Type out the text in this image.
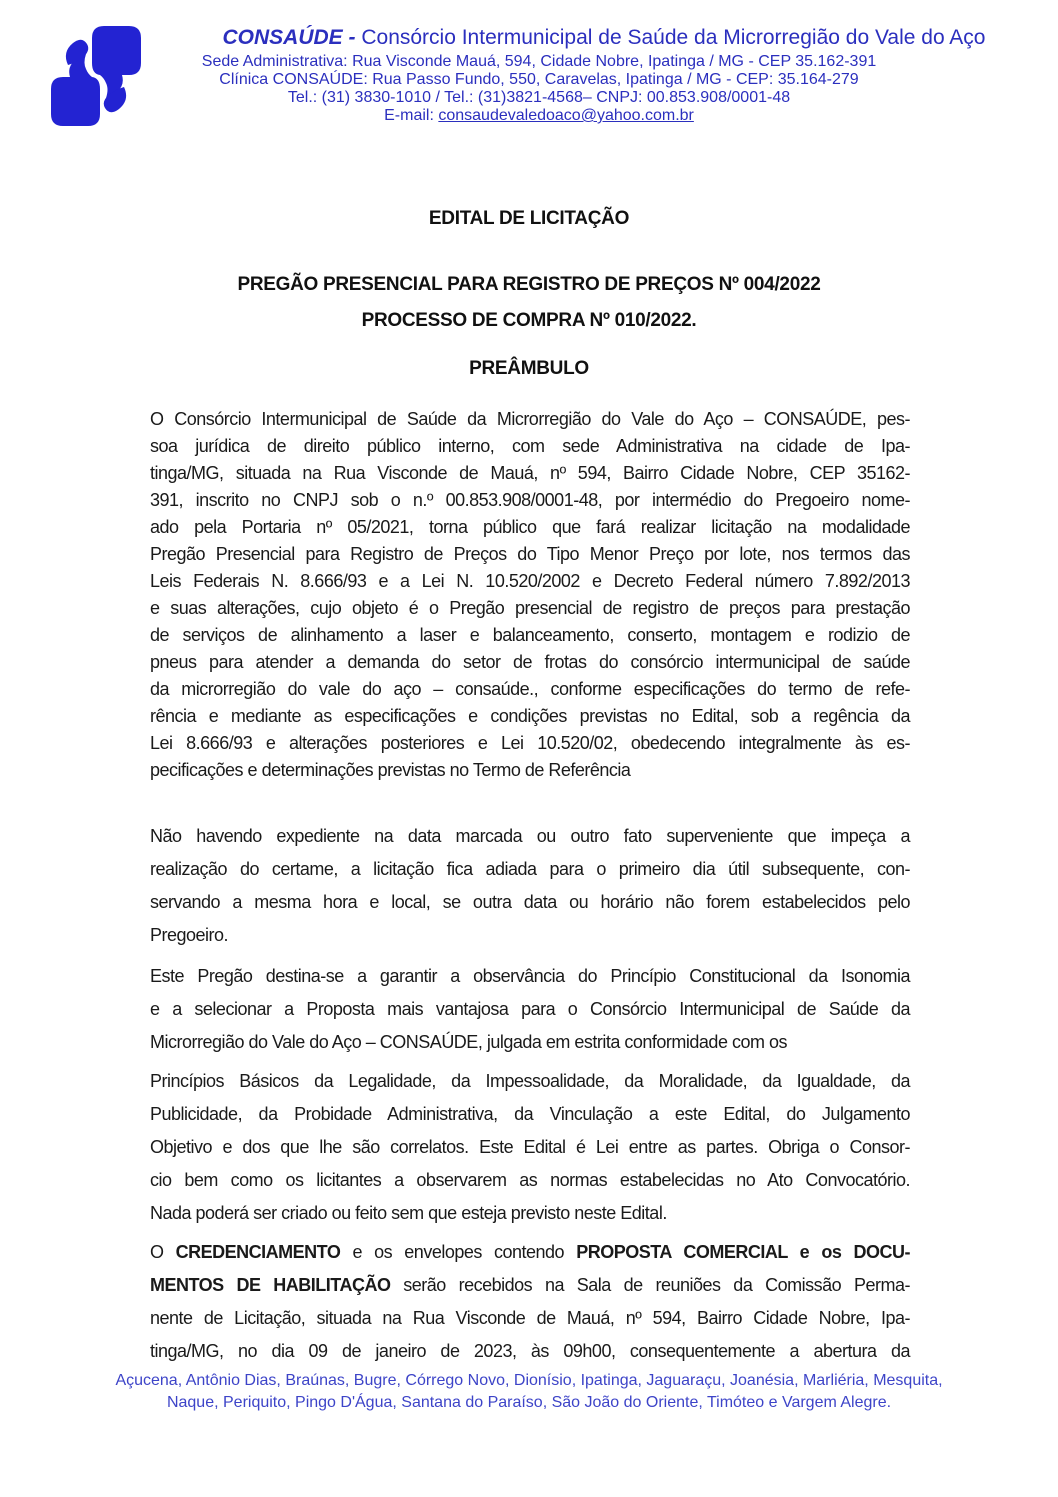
CONSAÚDE - Consórcio Intermunicipal de Saúde da Microrregião do Vale do Aço
Sede Administrativa: Rua Visconde Mauá, 594, Cidade Nobre, Ipatinga / MG - CEP 35.162-391
Clínica CONSAÚDE: Rua Passo Fundo, 550, Caravelas, Ipatinga / MG - CEP: 35.164-279
Tel.: (31) 3830-1010 / Tel.: (31)3821-4568– CNPJ: 00.853.908/0001-48
E-mail: consaudevaledoaco@yahoo.com.br
EDITAL DE LICITAÇÃO
PREGÃO PRESENCIAL PARA REGISTRO DE PREÇOS Nº 004/2022
PROCESSO DE COMPRA Nº 010/2022.
PREÂMBULO
O Consórcio Intermunicipal de Saúde da Microrregião do Vale do Aço – CONSAÚDE, pes-
soa jurídica de direito público interno, com sede Administrativa na cidade de Ipa-
tinga/MG, situada na Rua Visconde de Mauá, nº 594, Bairro Cidade Nobre, CEP 35162-
391, inscrito no CNPJ sob o n.º 00.853.908/0001-48, por intermédio do Pregoeiro nome-
ado pela Portaria nº 05/2021, torna público que fará realizar licitação na modalidade
Pregão Presencial para Registro de Preços do Tipo Menor Preço por lote, nos termos das
Leis Federais N. 8.666/93 e a Lei N. 10.520/2002 e Decreto Federal número 7.892/2013
e suas alterações, cujo objeto é o Pregão presencial de registro de preços para prestação
de serviços de alinhamento a laser e balanceamento, conserto, montagem e rodizio de
pneus para atender a demanda do setor de frotas do consórcio intermunicipal de saúde
da microrregião do vale do aço – consaúde., conforme especificações do termo de refe-
rência e mediante as especificações e condições previstas no Edital, sob a regência da
Lei 8.666/93 e alterações posteriores e Lei 10.520/02, obedecendo integralmente às es-
pecificações e determinações previstas no Termo de Referência
Não havendo expediente na data marcada ou outro fato superveniente que impeça a
realização do certame, a licitação fica adiada para o primeiro dia útil subsequente, con-
servando a mesma hora e local, se outra data ou horário não forem estabelecidos pelo
Pregoeiro.
Este Pregão destina-se a garantir a observância do Princípio Constitucional da Isonomia
e a selecionar a Proposta mais vantajosa para o Consórcio Intermunicipal de Saúde da
Microrregião do Vale do Aço – CONSAÚDE, julgada em estrita conformidade com os
Princípios Básicos da Legalidade, da Impessoalidade, da Moralidade, da Igualdade, da
Publicidade, da Probidade Administrativa, da Vinculação a este Edital, do Julgamento
Objetivo e dos que lhe são correlatos. Este Edital é Lei entre as partes. Obriga o Consor-
cio bem como os licitantes a observarem as normas estabelecidas no Ato Convocatório.
Nada poderá ser criado ou feito sem que esteja previsto neste Edital.
O CREDENCIAMENTO e os envelopes contendo PROPOSTA COMERCIAL e os DOCU-
MENTOS DE HABILITAÇÃO serão recebidos na Sala de reuniões da Comissão Perma-
nente de Licitação, situada na Rua Visconde de Mauá, nº 594, Bairro Cidade Nobre, Ipa-
tinga/MG, no dia 09 de janeiro de 2023, às 09h00, consequentemente a abertura da
Açucena, Antônio Dias, Braúnas, Bugre, Córrego Novo, Dionísio, Ipatinga, Jaguaraçu, Joanésia, Marliéria, Mesquita,
Naque, Periquito, Pingo D'Água, Santana do Paraíso, São João do Oriente, Timóteo e Vargem Alegre.
